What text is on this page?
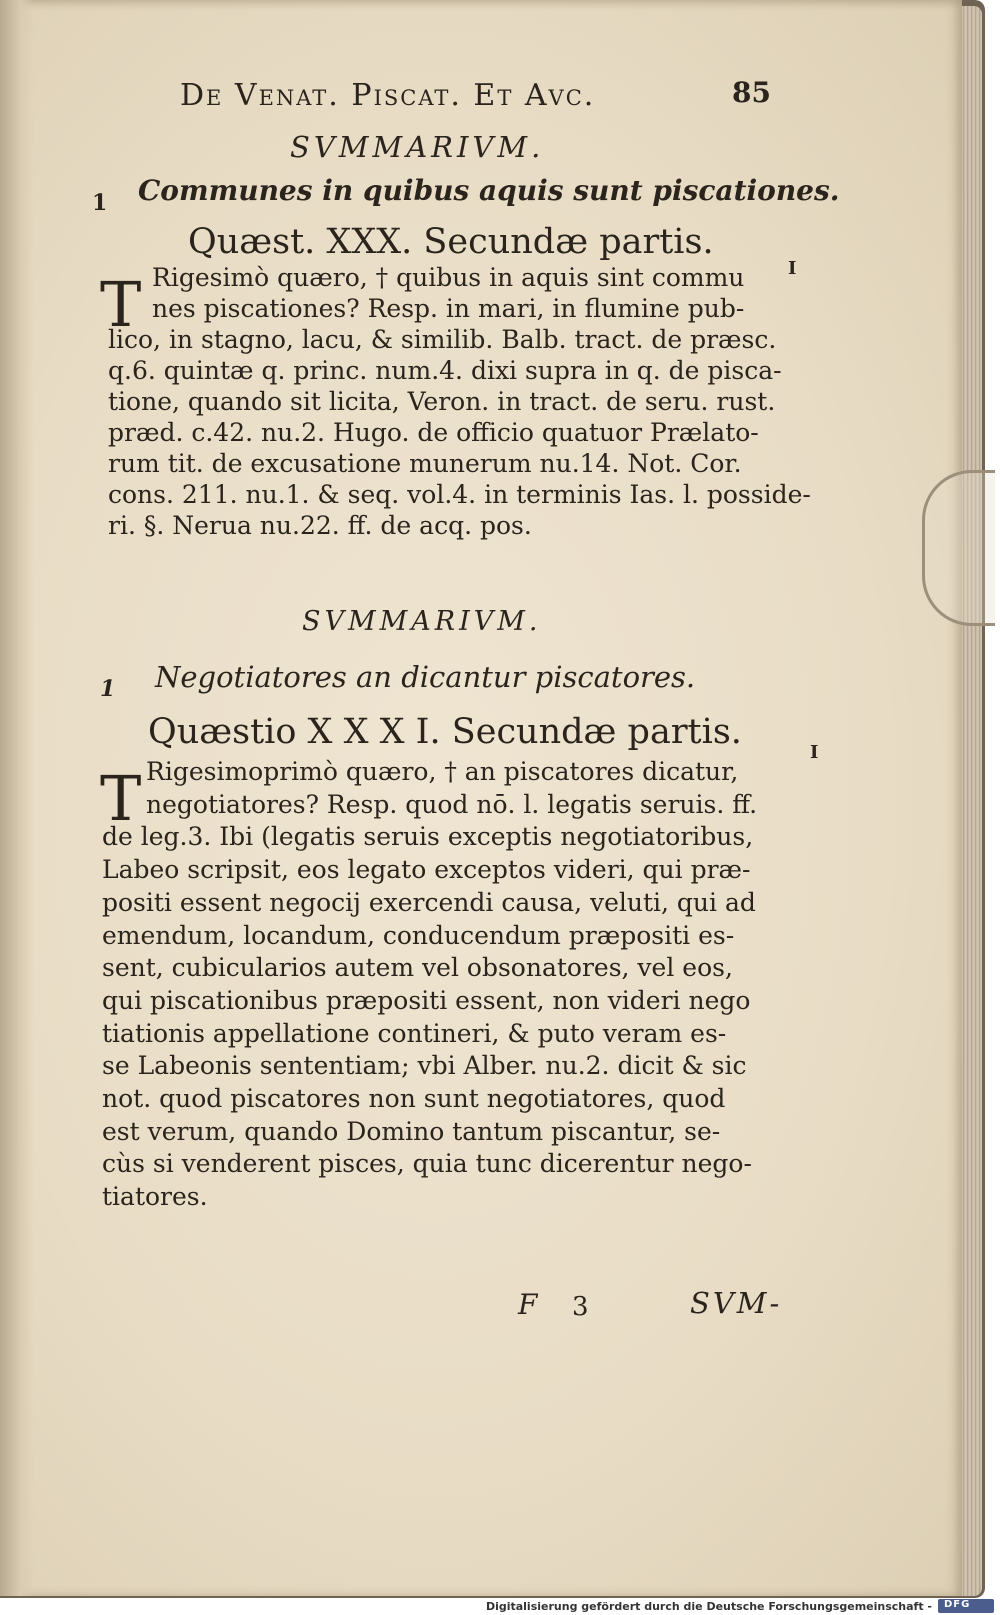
De Venat. Piscat. Et Avc.	85
SVMMARIVM.
1 Communes in quibus aquis sunt piscationes.
Quæst. XXX. Secundæ partis.
I
T Rigesimò quæro, † quibus in aquis sint commu
nes piscationes? Resp. in mari, in flumine pub-
lico, in stagno, lacu, & similib. Balb. tract. de præsc.
q.6. quintæ q. princ. num.4. dixi supra in q. de pisca-
tione, quando sit licita, Veron. in tract. de seru. rust.
præd. c.42. nu.2. Hugo. de officio quatuor Prælato-
rum tit. de excusatione munerum nu.14. Not. Cor.
cons. 211. nu.1. & seq. vol.4. in terminis Ias. l. posside-
ri. §. Nerua nu.22. ff. de acq. pos.
SVMMARIVM.
1 Negotiatores an dicantur piscatores.
Quæstio X X X I. Secundæ partis.
I
T Rigesimoprimò quæro, † an piscatores dicatur,
negotiatores? Resp. quod nō. l. legatis seruis. ff.
de leg.3. Ibi (legatis seruis exceptis negotiatoribus,
Labeo scripsit, eos legato exceptos videri, qui præ-
positi essent negocij exercendi causa, veluti, qui ad
emendum, locandum, conducendum præpositi es-
sent, cubicularios autem vel obsonatores, vel eos,
qui piscationibus præpositi essent, non videri nego
tiationis appellatione contineri, & puto veram es-
se Labeonis sententiam; vbi Alber. nu.2. dicit & sic
not. quod piscatores non sunt negotiatores, quod
est verum, quando Domino tantum piscantur, se-
cùs si venderent pisces, quia tunc dicerentur nego-
tiatores.
F 3	SVM-
Digitalisierung gefördert durch die Deutsche Forschungsgemeinschaft - DFG
